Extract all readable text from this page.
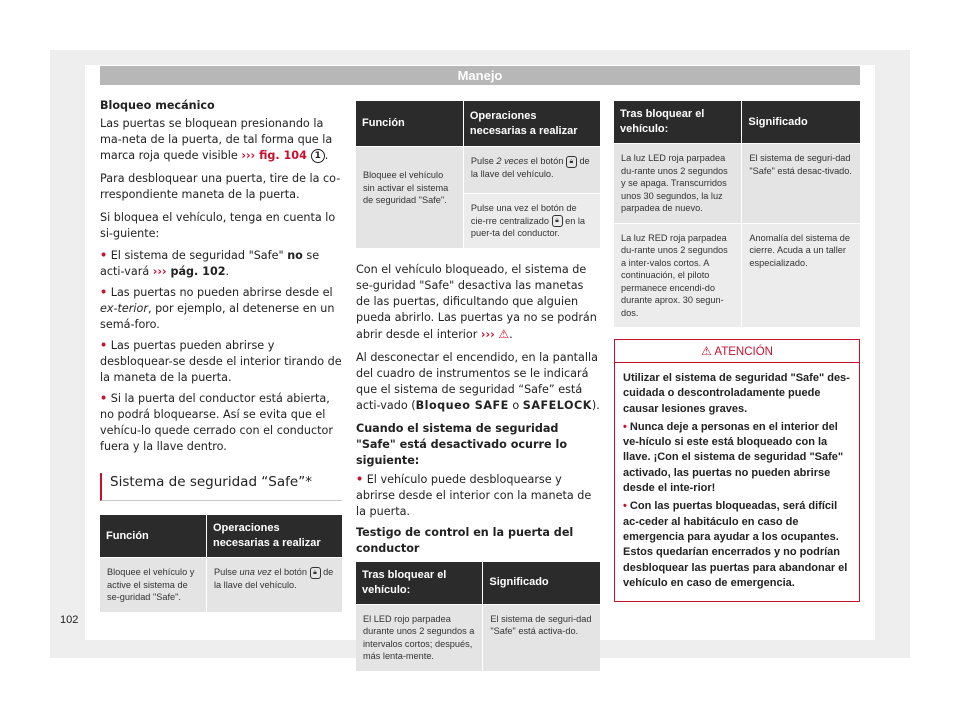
Manejo

Bloqueo mecánico

Las puertas se bloquean presionando la ma-neta de la puerta, de tal forma que la marca roja quede visible ››› fig. 104 1 .

Para desbloquear una puerta, tire de la co-rrespondiente maneta de la puerta.

Si bloquea el vehículo, tenga en cuenta lo si-guiente:

• El sistema de seguridad "Safe" no se acti-vará ››› pág. 102.

• Las puertas no pueden abrirse desde el ex-terior, por ejemplo, al detenerse en un semá-foro.

• Las puertas pueden abrirse y desbloquear-se desde el interior tirando de la maneta de la puerta.

• Si la puerta del conductor está abierta, no podrá bloquearse. Así se evita que el vehícu-lo quede cerrado con el conductor fuera y la llave dentro.

Sistema de seguridad “Safe”*
Función	Operaciones necesarias a realizar
Bloquee el vehículo y active el sistema de se-guridad "Safe".	Pulse una vez el botón 🔒︎ de la llave del vehículo.
Función	Operaciones necesarias a realizar
Bloquee el vehículo sin activar el sistema de seguridad "Safe".	Pulse 2 veces el botón 🔒︎ de la llave del vehículo.
	Pulse una vez el botón de cie-rre centralizado 🔒︎ en la puer-ta del conductor.

Con el vehículo bloqueado, el sistema de se-guridad "Safe" desactiva las manetas de las puertas, dificultando que alguien pueda abrirlo. Las puertas ya no se podrán abrir desde el interior ››› ⚠.

Al desconectar el encendido, en la pantalla del cuadro de instrumentos se le indicará que el sistema de seguridad “Safe” está acti-vado (Bloqueo SAFE o SAFELOCK).

Cuando el sistema de seguridad "Safe" está desactivado ocurre lo siguiente:

• El vehículo puede desbloquearse y abrirse desde el interior con la maneta de la puerta.

Testigo de control en la puerta del conductor

Tras bloquear el vehículo:	Significado
El LED rojo parpadea durante unos 2 segundos a intervalos cortos; después, más lenta-mente.	El sistema de seguri-dad "Safe" está activa-do.
Tras bloquear el vehículo:	Significado
La luz LED roja parpadea du-rante unos 2 segundos y se apaga. Transcurridos unos 30 segundos, la luz parpadea de nuevo.	El sistema de seguri-dad "Safe" está desac-tivado.
La luz RED roja parpadea du-rante unos 2 segundos a inter-valos cortos. A continuación, el piloto permanece encendi-do durante aprox. 30 segun-dos.	Anomalía del sistema de cierre. Acuda a un taller especializado.
⚠ ATENCIÓN

Utilizar el sistema de seguridad "Safe" des-cuidada o descontroladamente puede causar lesiones graves.

• Nunca deje a personas en el interior del ve-hículo si este está bloqueado con la llave. ¡Con el sistema de seguridad "Safe" activado, las puertas no pueden abrirse desde el inte-rior!

• Con las puertas bloqueadas, será difícil ac-ceder al habitáculo en caso de emergencia para ayudar a los ocupantes. Estos quedarían encerrados y no podrían desbloquear las puertas para abandonar el vehículo en caso de emergencia.

102
